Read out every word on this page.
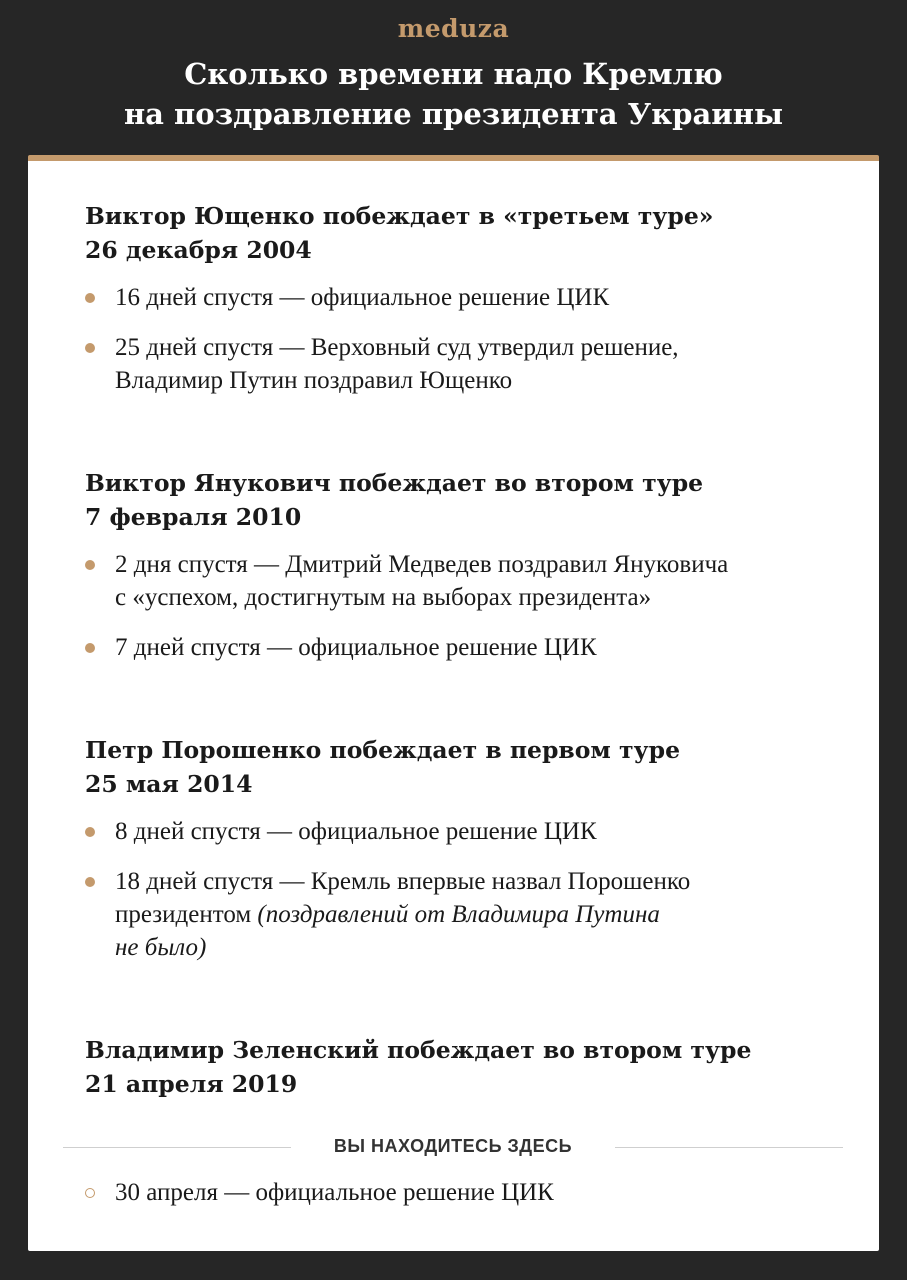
meduza
Сколько времени надо Кремлю
на поздравление президента Украины
Виктор Ющенко побеждает в «третьем туре»
26 декабря 2004
16 дней спустя — официальное решение ЦИК
25 дней спустя — Верховный суд утвердил решение,
Владимир Путин поздравил Ющенко
Виктор Янукович побеждает во втором туре
7 февраля 2010
2 дня спустя — Дмитрий Медведев поздравил Януковича
с «успехом, достигнутым на выборах президента»
7 дней спустя — официальное решение ЦИК
Петр Порошенко побеждает в первом туре
25 мая 2014
8 дней спустя — официальное решение ЦИК
18 дней спустя — Кремль впервые назвал Порошенко
президентом (поздравлений от Владимира Путина
не было)
Владимир Зеленский побеждает во втором туре
21 апреля 2019
ВЫ НАХОДИТЕСЬ ЗДЕСЬ
30 апреля — официальное решение ЦИК
